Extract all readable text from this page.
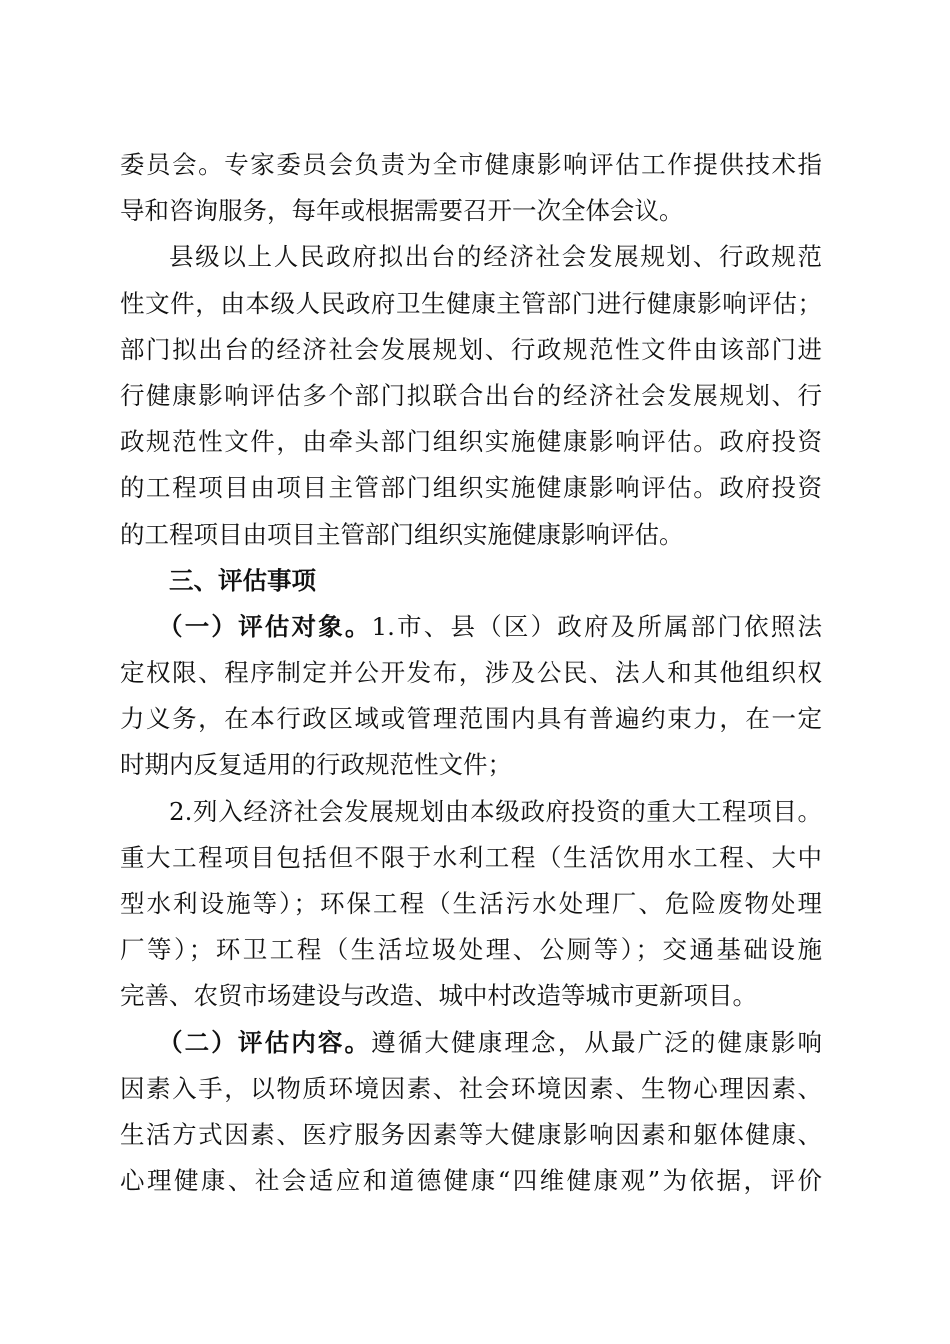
委员会。专家委员会负责为全市健康影响评估工作提供技术指
导和咨询服务，每年或根据需要召开一次全体会议。
县级以上人民政府拟出台的经济社会发展规划、行政规范
性文件，由本级人民政府卫生健康主管部门进行健康影响评估；
部门拟出台的经济社会发展规划、行政规范性文件由该部门进
行健康影响评估多个部门拟联合出台的经济社会发展规划、行
政规范性文件，由牵头部门组织实施健康影响评估。政府投资
的工程项目由项目主管部门组织实施健康影响评估。政府投资
的工程项目由项目主管部门组织实施健康影响评估。
三、评估事项
（一）评估对象。1.市、县（区）政府及所属部门依照法
定权限、程序制定并公开发布，涉及公民、法人和其他组织权
力义务，在本行政区域或管理范围内具有普遍约束力，在一定
时期内反复适用的行政规范性文件；
2.列入经济社会发展规划由本级政府投资的重大工程项目。
重大工程项目包括但不限于水利工程（生活饮用水工程、大中
型水利设施等）；环保工程（生活污水处理厂、危险废物处理
厂等）；环卫工程（生活垃圾处理、公厕等）；交通基础设施
完善、农贸市场建设与改造、城中村改造等城市更新项目。
（二）评估内容。遵循大健康理念，从最广泛的健康影响
因素入手，以物质环境因素、社会环境因素、生物心理因素、
生活方式因素、医疗服务因素等大健康影响因素和躯体健康、
心理健康、社会适应和道德健康“四维健康观”为依据，评价
